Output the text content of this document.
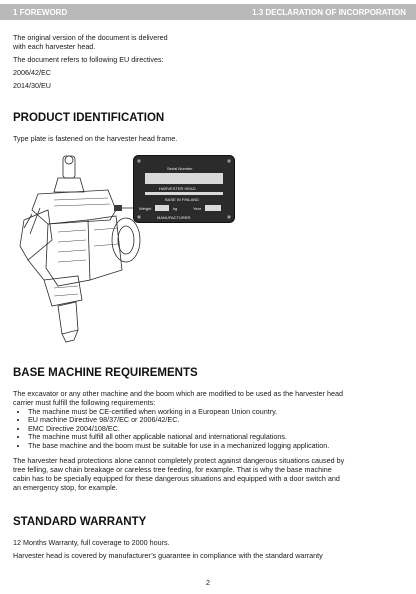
1 FOREWORD	1.3 DECLARATION OF INCORPORATION

The original version of the document is delivered

with each harvester head.

The document refers to following EU directives:

2006/42/EC

2014/30/EU

PRODUCT IDENTIFICATION

Type plate is fastened on the harvester head frame.

Serial Number
HARVESTER HEAD
BASE IN FINLAND
Weight	kg	Year
MANUFACTURER
BASE MACHINE REQUIREMENTS

The excavator or any other machine and the boom which are modified to be used as the harvester head

carrier must fulfill the following requirements:

• The machine must be CE-certified when working in a European Union country.
• EU machine Directive 98/37/EC or 2006/42/EC.
• EMC Directive 2004/108/EC.
• The machine must fulfill all other applicable national and international regulations.
• The base machine and the boom must be suitable for use in a mechanized logging application.

The harvester head protections alone cannot completely protect against dangerous situations caused by

tree felling, saw chain breakage or careless tree feeding, for example. That is why the base machine

cabin has to be specially equipped for these dangerous situations and equipped with a door switch and

an emergency stop, for example.

STANDARD WARRANTY

12 Months Warranty, full coverage to 2000 hours.

Harvester head is covered by manufacturer’s guarantee in compliance with the standard warranty

2
